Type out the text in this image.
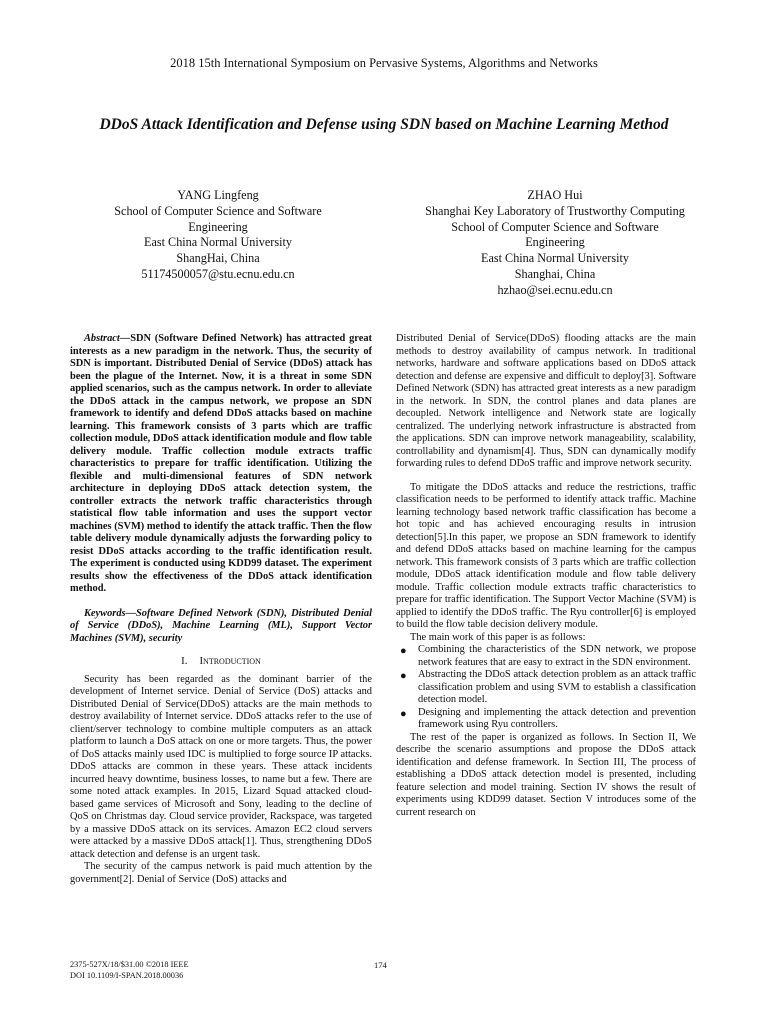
2018 15th International Symposium on Pervasive Systems, Algorithms and Networks
DDoS Attack Identification and Defense using SDN based on Machine Learning Method
YANG Lingfeng
School of Computer Science and Software
Engineering
East China Normal University
ShangHai, China
51174500057@stu.ecnu.edu.cn
ZHAO Hui
Shanghai Key Laboratory of Trustworthy Computing
School of Computer Science and Software
Engineering
East China Normal University
Shanghai, China
hzhao@sei.ecnu.edu.cn

Abstract—SDN (Software Defined Network) has attracted great interests as a new paradigm in the network. Thus, the security of SDN is important. Distributed Denial of Service (DDoS) attack has been the plague of the Internet. Now, it is a threat in some SDN applied scenarios, such as the campus network. In order to alleviate the DDoS attack in the campus network, we propose an SDN framework to identify and defend DDoS attacks based on machine learning. This framework consists of 3 parts which are traffic collection module, DDoS attack identification module and flow table delivery module. Traffic collection module extracts traffic characteristics to prepare for traffic identification. Utilizing the flexible and multi-dimensional features of SDN network architecture in deploying DDoS attack detection system, the controller extracts the network traffic characteristics through statistical flow table information and uses the support vector machines (SVM) method to identify the attack traffic. Then the flow table delivery module dynamically adjusts the forwarding policy to resist DDoS attacks according to the traffic identification result. The experiment is conducted using KDD99 dataset. The experiment results show the effectiveness of the DDoS attack identification method.

Keywords—Software Defined Network (SDN), Distributed Denial of Service (DDoS), Machine Learning (ML), Support Vector Machines (SVM), security

I. Introduction

Security has been regarded as the dominant barrier of the development of Internet service. Denial of Service (DoS) attacks and Distributed Denial of Service(DDoS) attacks are the main methods to destroy availability of Internet service. DDoS attacks refer to the use of client/server technology to combine multiple computers as an attack platform to launch a DoS attack on one or more targets. Thus, the power of DoS attacks mainly used IDC is multiplied to forge source IP attacks. DDoS attacks are common in these years. These attack incidents incurred heavy downtime, business losses, to name but a few. There are some noted attack examples. In 2015, Lizard Squad attacked cloud-based game services of Microsoft and Sony, leading to the decline of QoS on Christmas day. Cloud service provider, Rackspace, was targeted by a massive DDoS attack on its services. Amazon EC2 cloud servers were attacked by a massive DDoS attack[1]. Thus, strengthening DDoS attack detection and defense is an urgent task.

The security of the campus network is paid much attention by the government[2]. Denial of Service (DoS) attacks and

Distributed Denial of Service(DDoS) flooding attacks are the main methods to destroy availability of campus network. In traditional networks, hardware and software applications based on DDoS attack detection and defense are expensive and difficult to deploy[3]. Software Defined Network (SDN) has attracted great interests as a new paradigm in the network. In SDN, the control planes and data planes are decoupled. Network intelligence and Network state are logically centralized. The underlying network infrastructure is abstracted from the applications. SDN can improve network manageability, scalability, controllability and dynamism[4]. Thus, SDN can dynamically modify forwarding rules to defend DDoS traffic and improve network security.

To mitigate the DDoS attacks and reduce the restrictions, traffic classification needs to be performed to identify attack traffic. Machine learning technology based network traffic classification has become a hot topic and has achieved encouraging results in intrusion detection[5].In this paper, we propose an SDN framework to identify and defend DDoS attacks based on machine learning for the campus network. This framework consists of 3 parts which are traffic collection module, DDoS attack identification module and flow table delivery module. Traffic collection module extracts traffic characteristics to prepare for traffic identification. The Support Vector Machine (SVM) is applied to identify the DDoS traffic. The Ryu controller[6] is employed to build the flow table decision delivery module.

The main work of this paper is as follows:

● Combining the characteristics of the SDN network, we propose network features that are easy to extract in the SDN environment.
● Abstracting the DDoS attack detection problem as an attack traffic classification problem and using SVM to establish a classification detection model.
● Designing and implementing the attack detection and prevention framework using Ryu controllers.

The rest of the paper is organized as follows. In Section II, We describe the scenario assumptions and propose the DDoS attack identification and defense framework. In Section III, The process of establishing a DDoS attack detection model is presented, including feature selection and model training. Section IV shows the result of experiments using KDD99 dataset. Section V introduces some of the current research on

2375-527X/18/$31.00 ©2018 IEEE
DOI 10.1109/I-SPAN.2018.00036
174
